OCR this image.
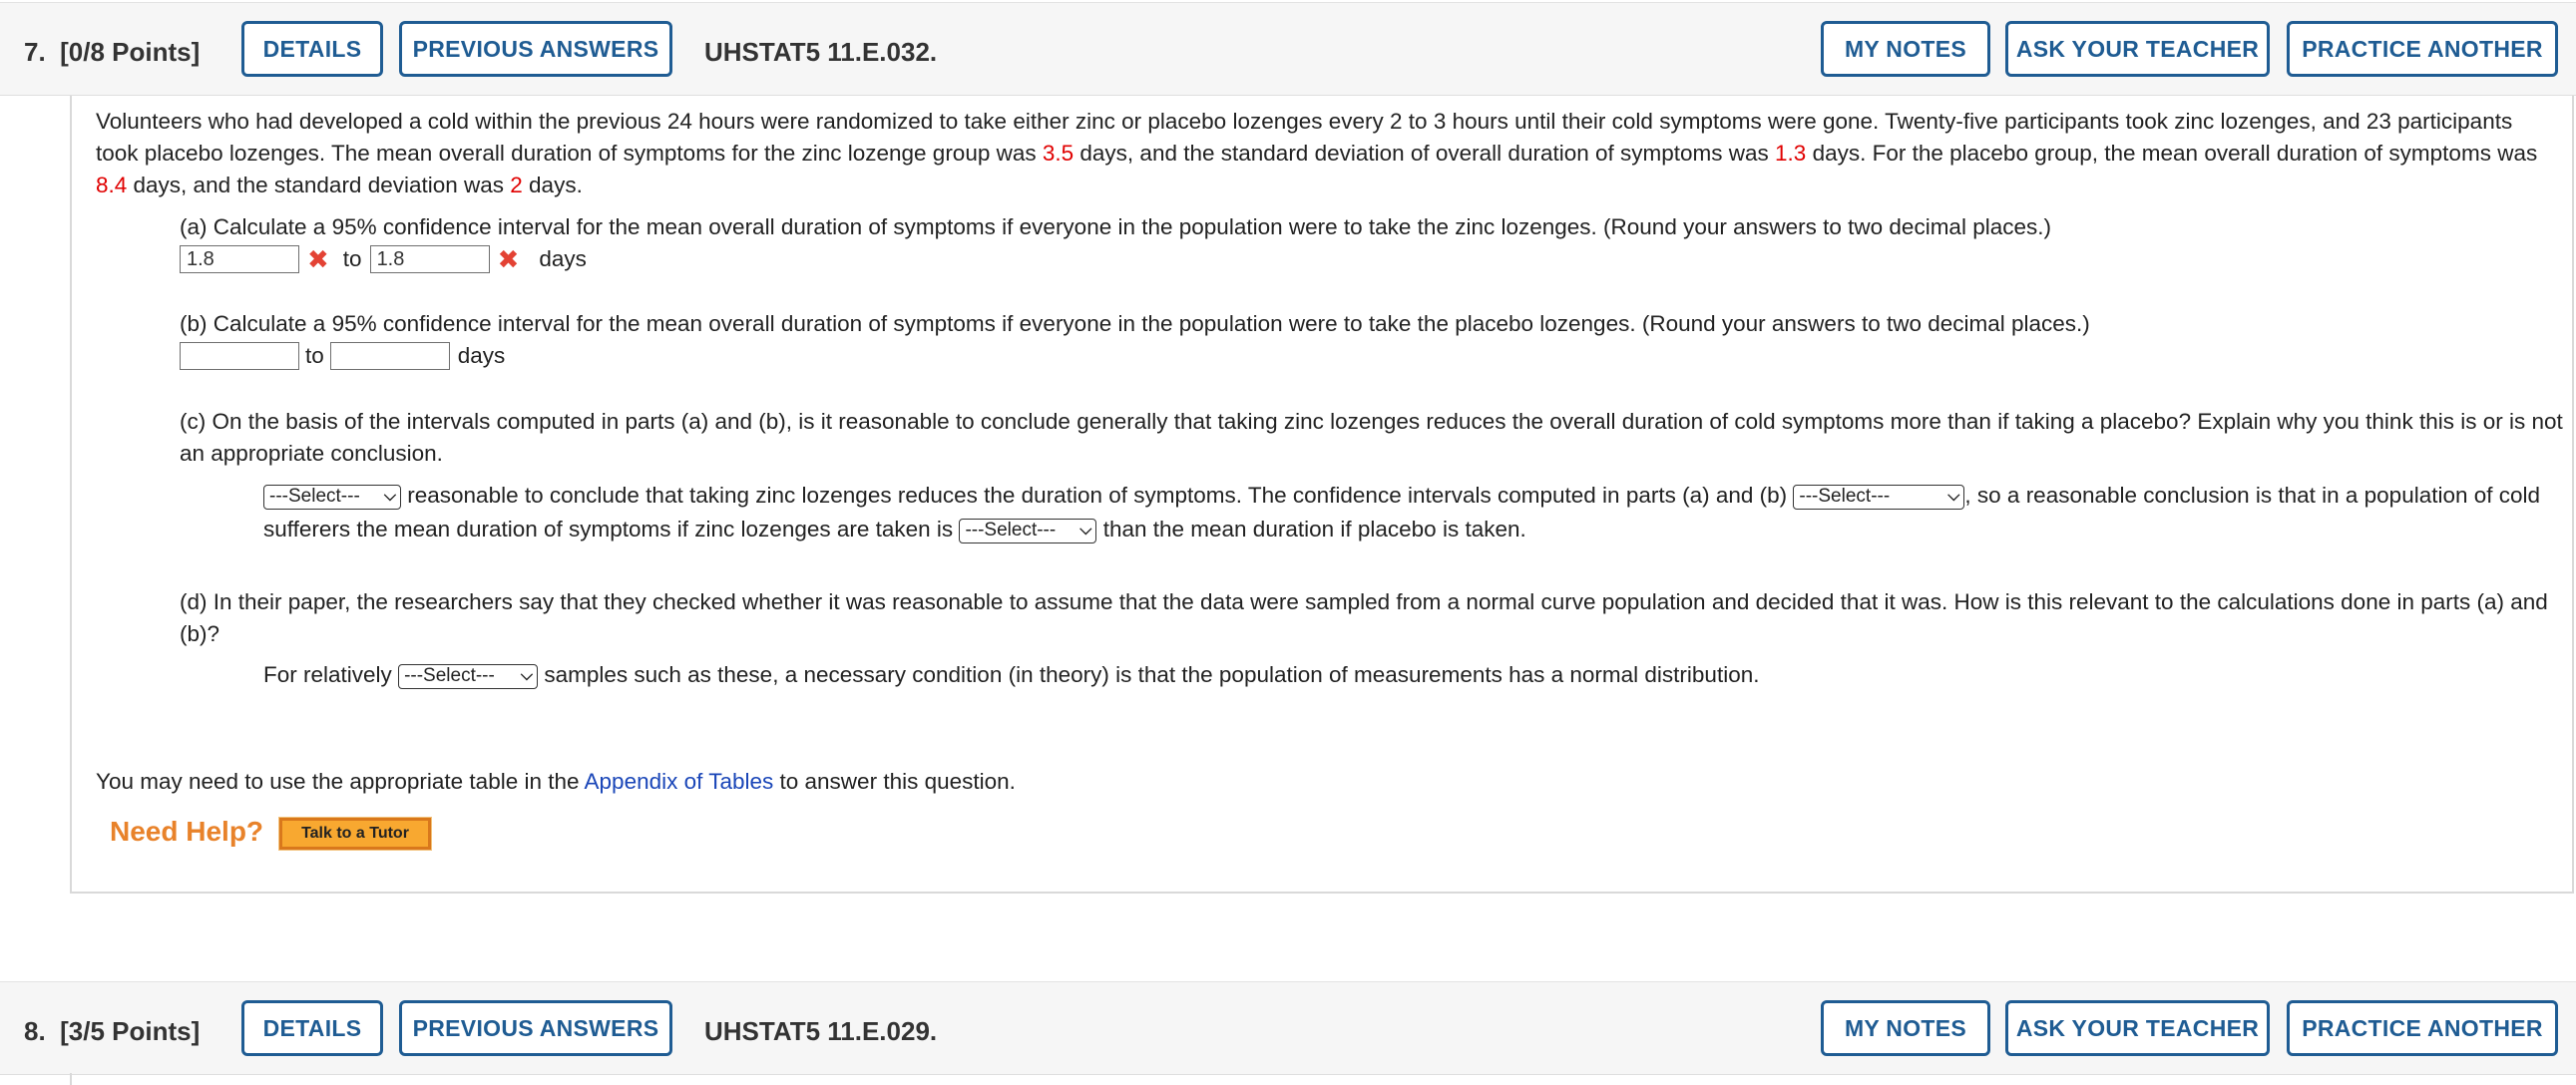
7. [0/8 Points]	DETAILS	PREVIOUS ANSWERS	UHSTAT5 11.E.032.	MY NOTES	ASK YOUR TEACHER	PRACTICE ANOTHER
Volunteers who had developed a cold within the previous 24 hours were randomized to take either zinc or placebo lozenges every 2 to 3 hours until their cold symptoms were gone. Twenty-five participants took zinc lozenges, and 23 participants took placebo lozenges. The mean overall duration of symptoms for the zinc lozenge group was 3.5 days, and the standard deviation of overall duration of symptoms was 1.3 days. For the placebo group, the mean overall duration of symptoms was 8.4 days, and the standard deviation was 2 days.
(a) Calculate a 95% confidence interval for the mean overall duration of symptoms if everyone in the population were to take the zinc lozenges. (Round your answers to two decimal places.)
1.8	✖ to 1.8	✖ days
(b) Calculate a 95% confidence interval for the mean overall duration of symptoms if everyone in the population were to take the placebo lozenges. (Round your answers to two decimal places.)
to	days
(c) On the basis of the intervals computed in parts (a) and (b), is it reasonable to conclude generally that taking zinc lozenges reduces the overall duration of cold symptoms more than if taking a placebo? Explain why you think this is or is not an appropriate conclusion.
---Select--- ⌵ reasonable to conclude that taking zinc lozenges reduces the duration of symptoms. The confidence intervals computed in parts (a) and (b) ---Select---	⌵ , so a reasonable conclusion is that in a population of cold sufferers the mean duration of symptoms if zinc lozenges are taken is ---Select--- ⌵ than the mean duration if placebo is taken.
(d) In their paper, the researchers say that they checked whether it was reasonable to assume that the data were sampled from a normal curve population and decided that it was. How is this relevant to the calculations done in parts (a) and (b)?
For relatively ---Select--- ⌵ samples such as these, a necessary condition (in theory) is that the population of measurements has a normal distribution.
You may need to use the appropriate table in the Appendix of Tables to answer this question.
Need Help?	Talk to a Tutor
8. [3/5 Points]	DETAILS	PREVIOUS ANSWERS	UHSTAT5 11.E.029.	MY NOTES	ASK YOUR TEACHER	PRACTICE ANOTHER
